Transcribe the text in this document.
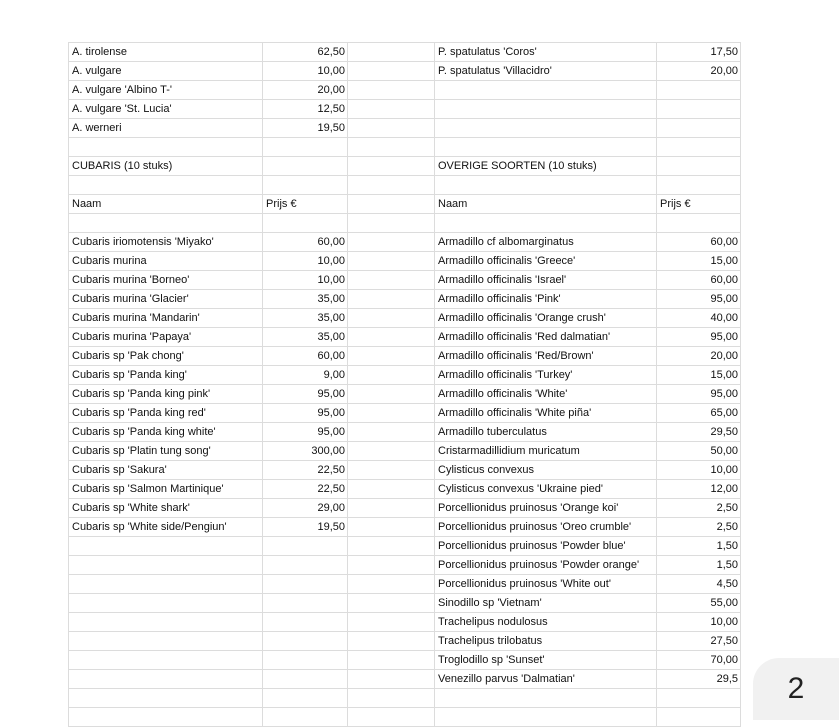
A. tirolense	62,50		P. spatulatus 'Coros'	17,50
A. vulgare	10,00		P. spatulatus 'Villacidro'	20,00
A. vulgare 'Albino T-'	20,00			
A. vulgare 'St. Lucia'	12,50			
A. werneri	19,50			

CUBARIS (10 stuks)			OVERIGE SOORTEN (10 stuks)	

Naam	Prijs €		Naam	Prijs €

Cubaris iriomotensis 'Miyako'	60,00		Armadillo cf albomarginatus	60,00
Cubaris murina	10,00		Armadillo officinalis 'Greece'	15,00
Cubaris murina 'Borneo'	10,00		Armadillo officinalis 'Israel'	60,00
Cubaris murina 'Glacier'	35,00		Armadillo officinalis 'Pink'	95,00
Cubaris murina 'Mandarin'	35,00		Armadillo officinalis 'Orange crush'	40,00
Cubaris murina 'Papaya'	35,00		Armadillo officinalis 'Red dalmatian'	95,00
Cubaris sp 'Pak chong'	60,00		Armadillo officinalis 'Red/Brown'	20,00
Cubaris sp 'Panda king'	9,00		Armadillo officinalis 'Turkey'	15,00
Cubaris sp 'Panda king pink'	95,00		Armadillo officinalis 'White'	95,00
Cubaris sp 'Panda king red'	95,00		Armadillo officinalis 'White piña'	65,00
Cubaris sp 'Panda king white'	95,00		Armadillo tuberculatus	29,50
Cubaris sp 'Platin tung song'	300,00		Cristarmadillidium muricatum	50,00
Cubaris sp 'Sakura'	22,50		Cylisticus convexus	10,00
Cubaris sp 'Salmon Martinique'	22,50		Cylisticus convexus 'Ukraine pied'	12,00
Cubaris sp 'White shark'	29,00		Porcellionidus pruinosus 'Orange koi'	2,50
Cubaris sp 'White side/Pengiun'	19,50		Porcellionidus pruinosus 'Oreo crumble'	2,50
			Porcellionidus pruinosus 'Powder blue'	1,50
			Porcellionidus pruinosus 'Powder orange'	1,50
			Porcellionidus pruinosus 'White out'	4,50
			Sinodillo sp 'Vietnam'	55,00
			Trachelipus nodulosus	10,00
			Trachelipus trilobatus	27,50
			Troglodillo sp 'Sunset'	70,00
			Venezillo parvus 'Dalmatian'	29,5

				2
